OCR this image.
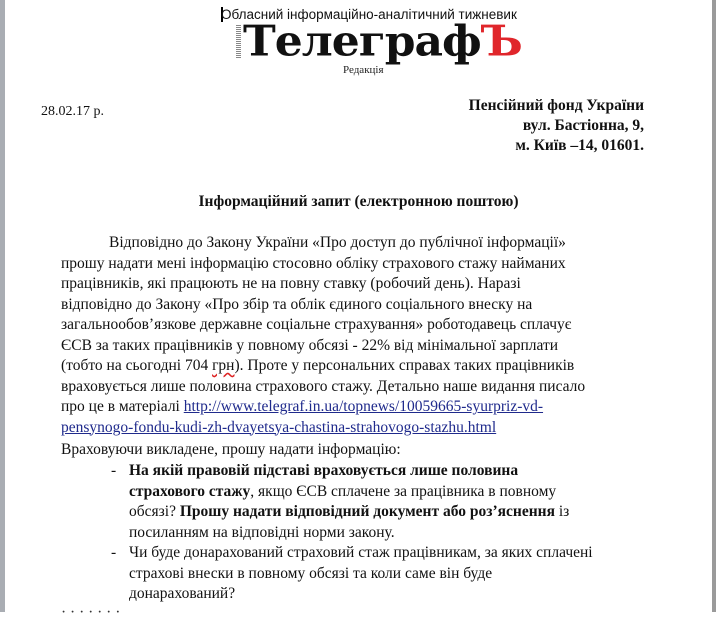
Обласний інформаційно-аналітичний тижневик
ТелеграфЪ
Редакція
28.02.17 р.	Пенсійний фонд України
вул. Бастіонна, 9,
м. Київ –14, 01601.
Інформаційний запит (електронною поштою)
Відповідно до Закону України «Про доступ до публічної інформації»
прошу надати мені інформацію стосовно обліку страхового стажу найманих
працівників, які працюють не на повну ставку (робочий день). Наразі
відповідно до Закону «Про збір та облік єдиного соціального внеску на
загальнообов’язкове державне соціальне страхування» роботодавець сплачує
ЄСВ за таких працівників у повному обсязі - 22% від мінімальної зарплати
(тобто на сьогодні 704 грн). Проте у персональних справах таких працівників
враховується лише половина страхового стажу. Детально наше видання писало
про це в матеріалі http://www.telegraf.in.ua/topnews/10059665-syurpriz-vd-
pensynogo-fondu-kudi-zh-dvayetsya-chastina-strahovogo-stazhu.html
Враховуючи викладене, прошу надати інформацію:
- На якій правовій підставі враховується лише половина
страхового стажу, якщо ЄСВ сплачене за працівника в повному
обсязі? Прошу надати відповідний документ або роз’яснення із
посиланням на відповідні норми закону.
- Чи буде донарахований страховий стаж працівникам, за яких сплачені
страхові внески в повному обсязі та коли саме він буде
донарахований?
· · · · · · ·
